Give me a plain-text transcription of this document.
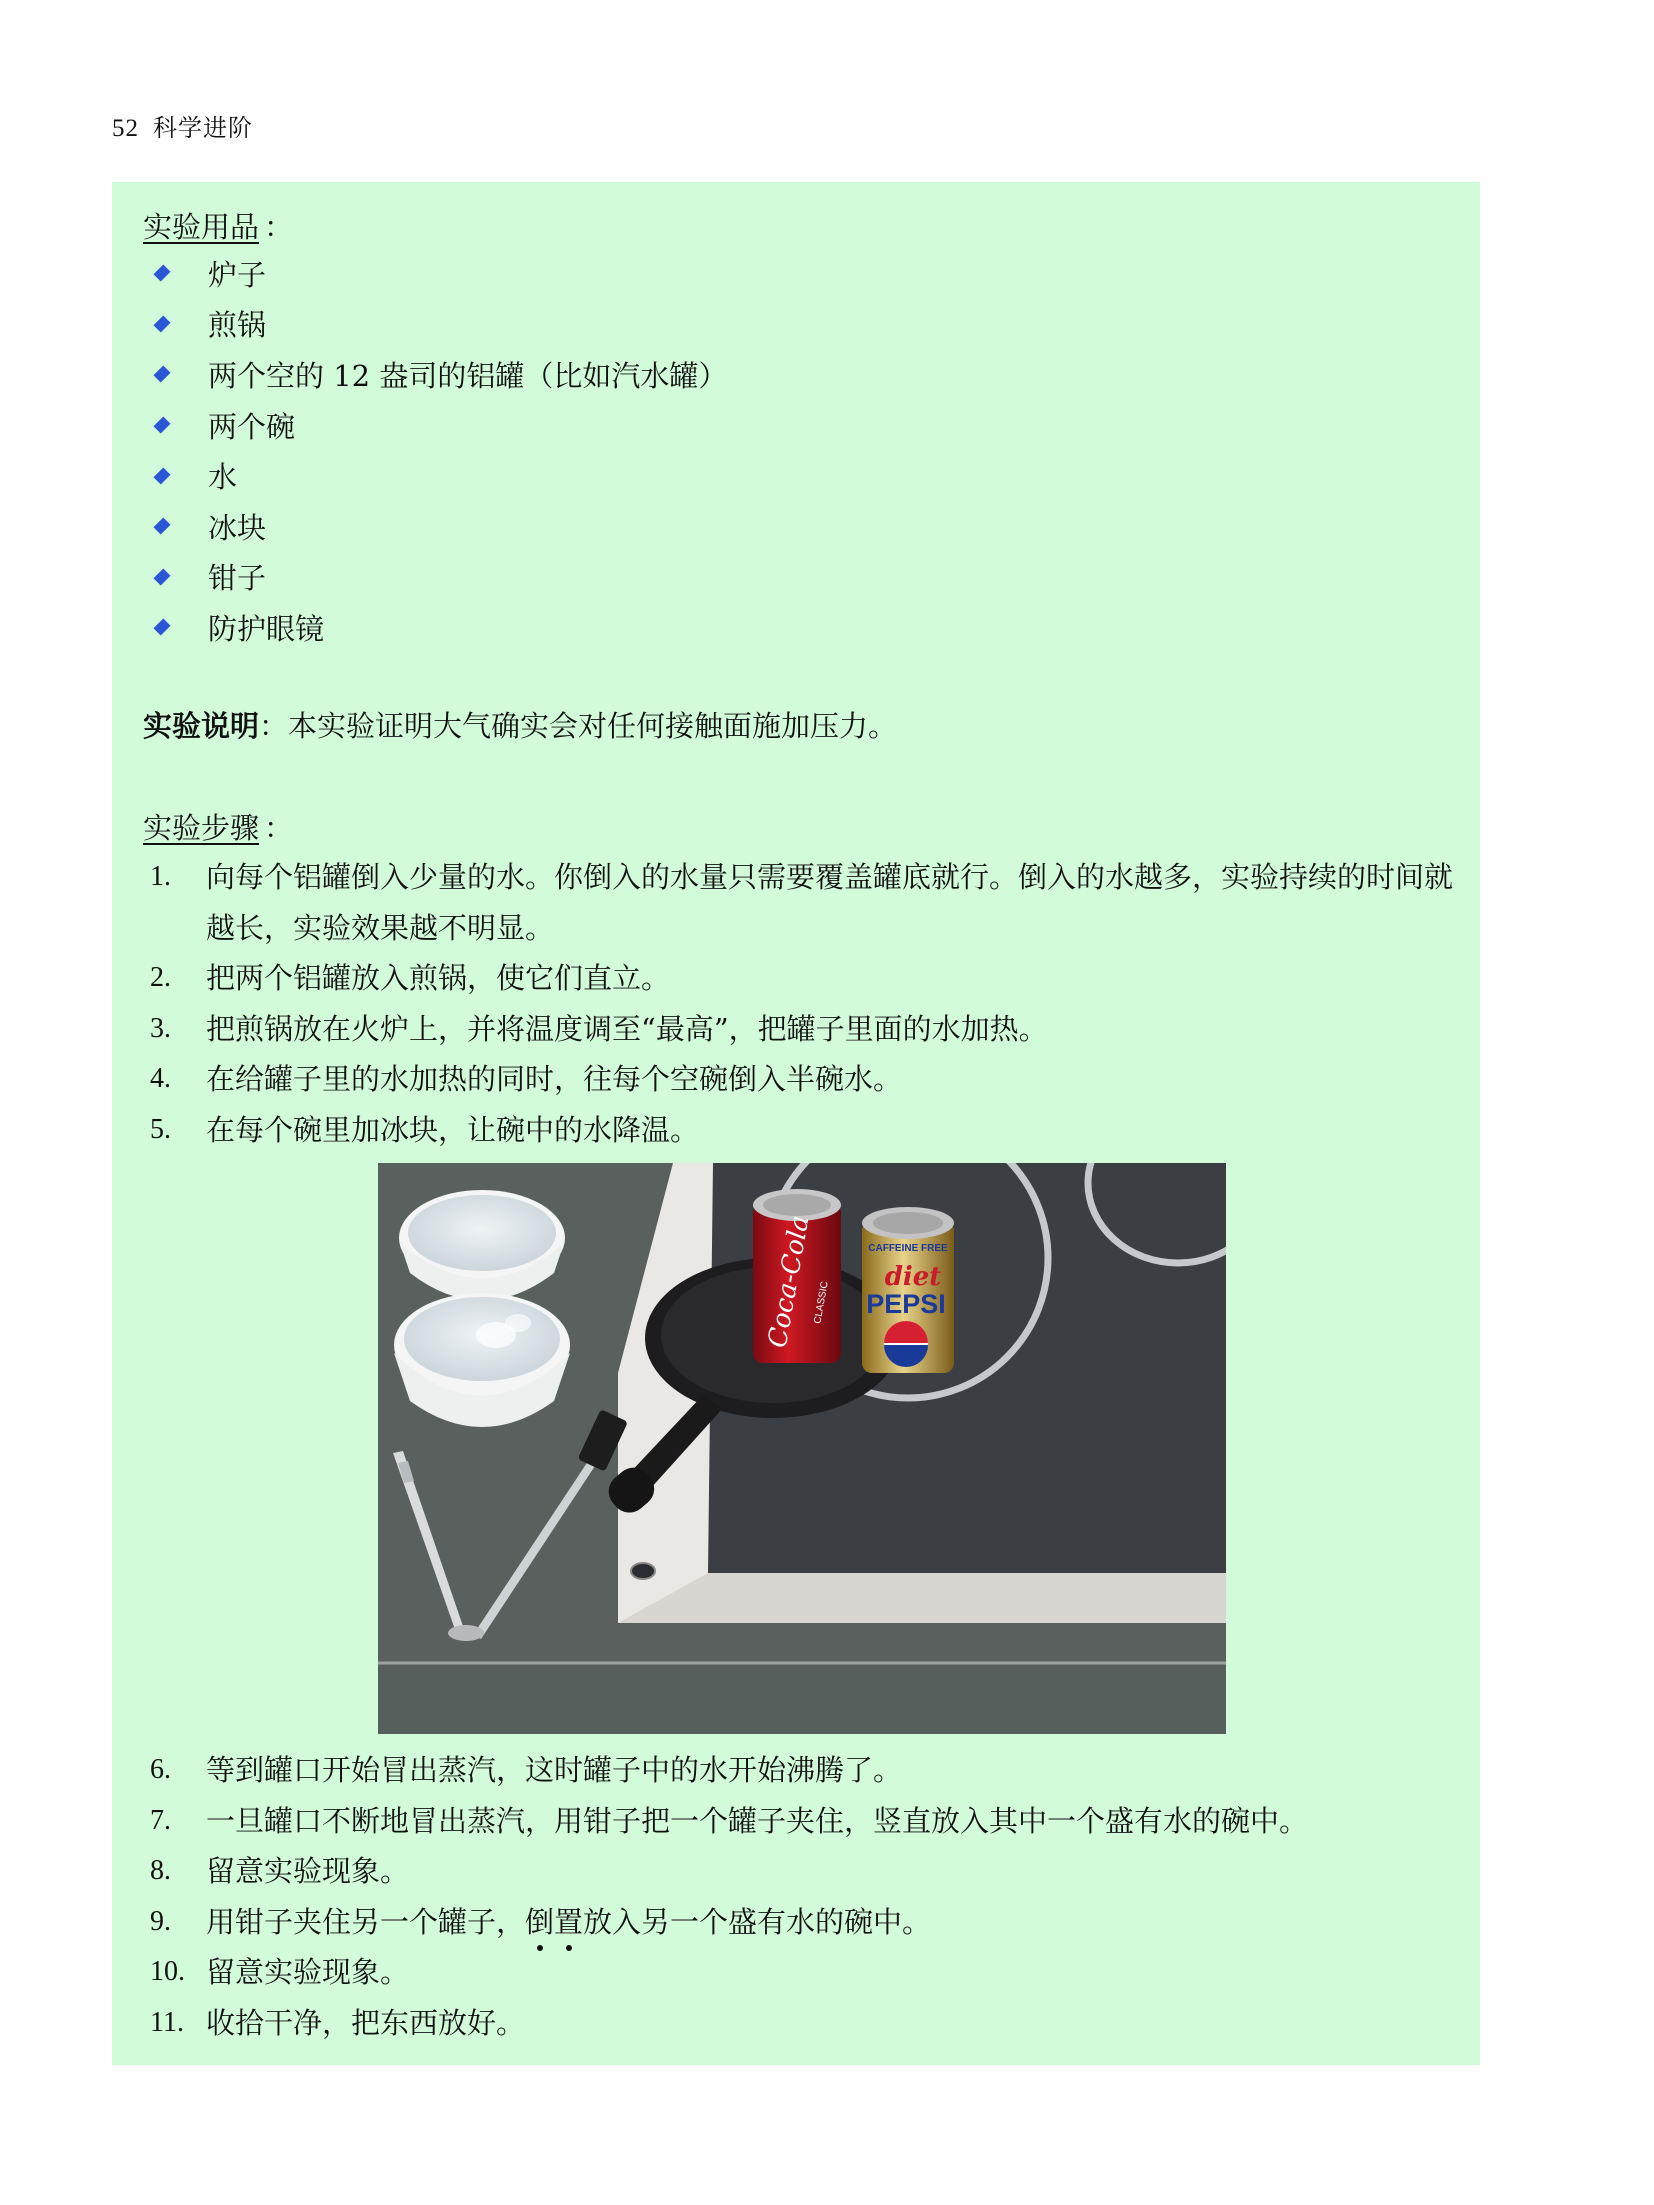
52 科学进阶
实验用品 ：
炉子
煎锅
两个空的 12 盎司的铝罐（比如汽水罐）
两个碗
水
冰块
钳子
防护眼镜
实验说明：本实验证明大气确实会对任何接触面施加压力。
实验步骤 ：
1.	向每个铝罐倒入少量的水。你倒入的水量只需要覆盖罐底就行。倒入的水越多，实验持续的时间就越长，实验效果越不明显。
2.	把两个铝罐放入煎锅，使它们直立。
3.	把煎锅放在火炉上，并将温度调至“最高”，把罐子里面的水加热。
4.	在给罐子里的水加热的同时，往每个空碗倒入半碗水。
5.	在每个碗里加冰块，让碗中的水降温。
Coca-Cola
CLASSIC
CAFFEINE FREE
diet
PEPSI
6.	等到罐口开始冒出蒸汽，这时罐子中的水开始沸腾了。
7.	一旦罐口不断地冒出蒸汽，用钳子把一个罐子夹住，竖直放入其中一个盛有水的碗中。
8.	留意实验现象。
9.	用钳子夹住另一个罐子，倒置放入另一个盛有水的碗中。
10. 留意实验现象。
11. 收拾干净，把东西放好。
